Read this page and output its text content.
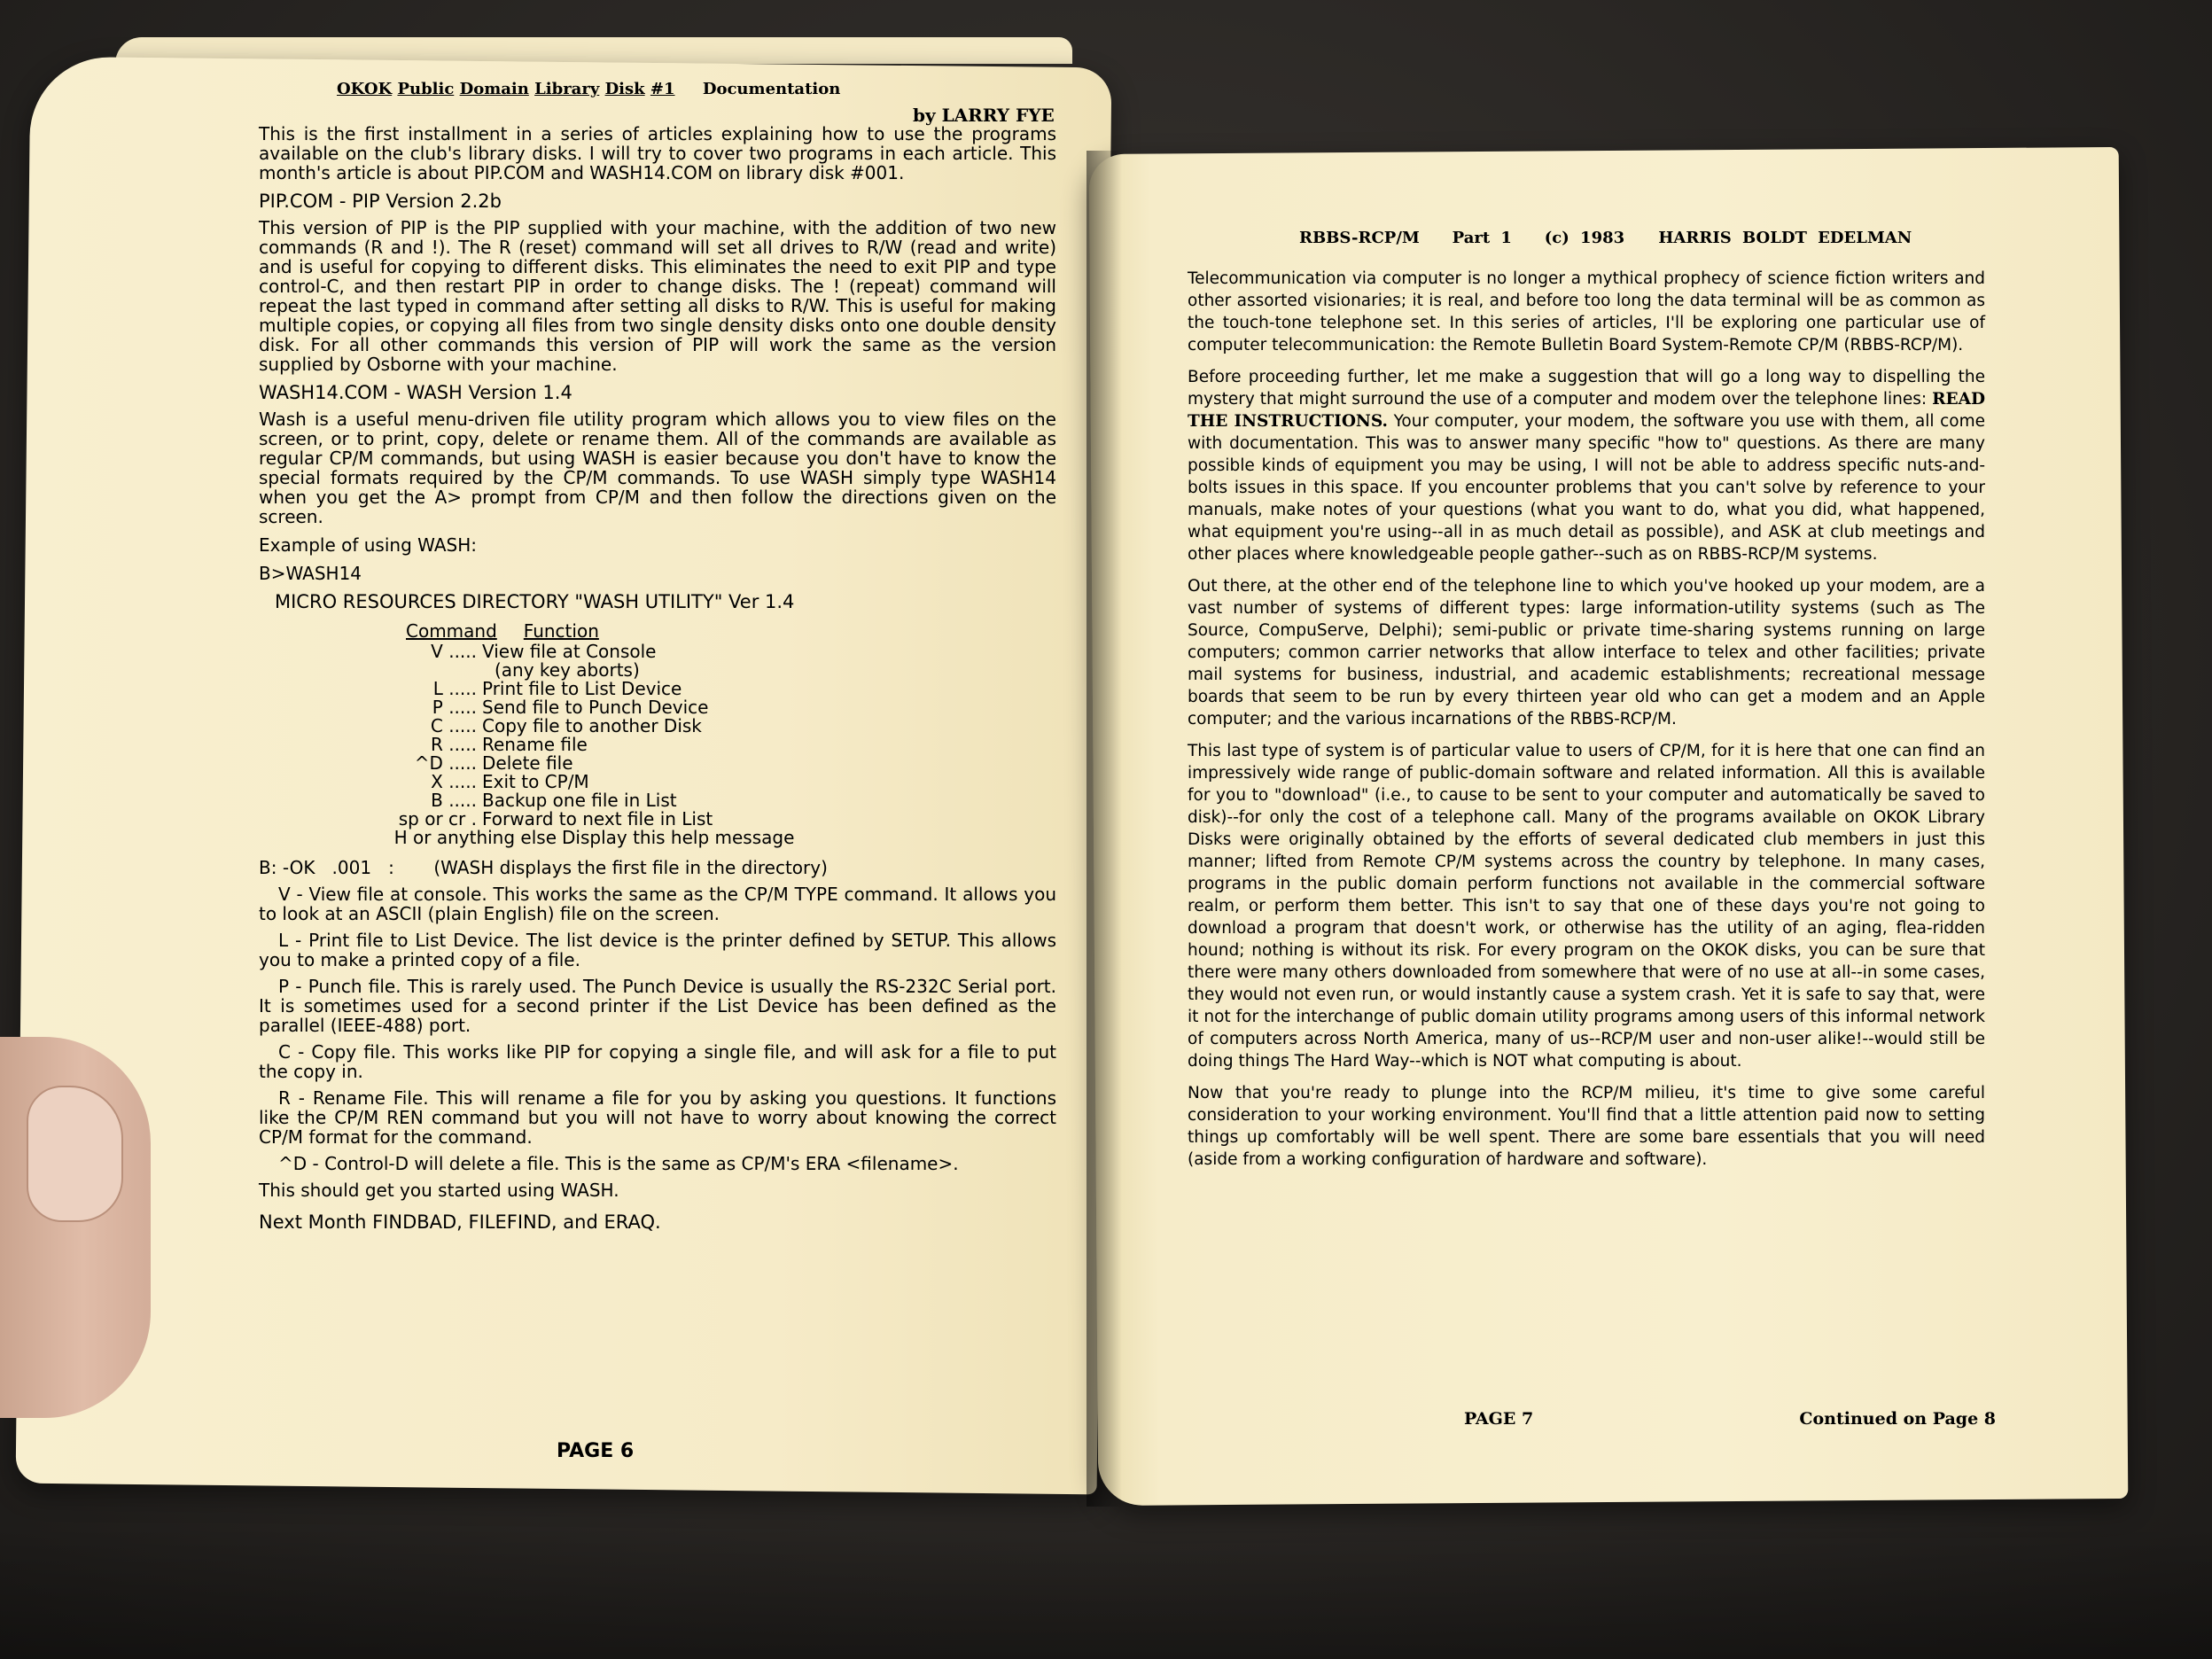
OKOK Public Domain Library Disk #1 Documentation
by LARRY FYE

This is the first installment in a series of articles explaining how to use the programs available on the club's library disks. I will try to cover two programs in each article. This month's article is about PIP.COM and WASH14.COM on library disk #001.

PIP.COM - PIP Version 2.2b

This version of PIP is the PIP supplied with your machine, with the addition of two new commands (R and !). The R (reset) command will set all drives to R/W (read and write) and is useful for copying to different disks. This eliminates the need to exit PIP and type control-C, and then restart PIP in order to change disks. The ! (repeat) command will repeat the last typed in command after setting all disks to R/W. This is useful for making multiple copies, or copying all files from two single density disks onto one double density disk. For all other commands this version of PIP will work the same as the version supplied by Osborne with your machine.

WASH14.COM - WASH Version 1.4

Wash is a useful menu-driven file utility program which allows you to view files on the screen, or to print, copy, delete or rename them. All of the commands are available as regular CP/M commands, but using WASH is easier because you don't have to know the special formats required by the CP/M commands. To use WASH simply type WASH14 when you get the A> prompt from CP/M and then follow the directions given on the screen.

Example of using WASH:
B>WASH14
MICRO RESOURCES DIRECTORY "WASH UTILITY" Ver 1.4
Command Function
V ..... View file at Console
(any key aborts)
L ..... Print file to List Device
P ..... Send file to Punch Device
C ..... Copy file to another Disk
R ..... Rename file
^D ..... Delete file
X ..... Exit to CP/M
B ..... Backup one file in List
sp or cr . Forward to next file in List
H or anything else Display this help message
B: -OK   .001   :       (WASH displays the first file in the directory)

V - View file at console. This works the same as the CP/M TYPE command. It allows you to look at an ASCII (plain English) file on the screen.

L - Print file to List Device. The list device is the printer defined by SETUP. This allows you to make a printed copy of a file.

P - Punch file. This is rarely used. The Punch Device is usually the RS-232C Serial port. It is sometimes used for a second printer if the List Device has been defined as the parallel (IEEE-488) port.

C - Copy file. This works like PIP for copying a single file, and will ask for a file to put the copy in.

R - Rename File. This will rename a file for you by asking you questions. It functions like the CP/M REN command but you will not have to worry about knowing the correct CP/M format for the command.

^D - Control-D will delete a file. This is the same as CP/M's ERA <filename>.

This should get you started using WASH.
Next Month FINDBAD, FILEFIND, and ERAQ.
PAGE 6
RBBS-RCP/M Part 1 (c) 1983 HARRIS BOLDT EDELMAN

Telecommunication via computer is no longer a mythical prophecy of science fiction writers and other assorted visionaries; it is real, and before too long the data terminal will be as common as the touch-tone telephone set. In this series of articles, I'll be exploring one particular use of computer telecommunication: the Remote Bulletin Board System-Remote CP/M (RBBS-RCP/M).

Before proceeding further, let me make a suggestion that will go a long way to dispelling the mystery that might surround the use of a computer and modem over the telephone lines: READ THE INSTRUCTIONS. Your computer, your modem, the software you use with them, all come with documentation. This was to answer many specific "how to" questions. As there are many possible kinds of equipment you may be using, I will not be able to address specific nuts-and-bolts issues in this space. If you encounter problems that you can't solve by reference to your manuals, make notes of your questions (what you want to do, what you did, what happened, what equipment you're using--all in as much detail as possible), and ASK at club meetings and other places where knowledgeable people gather--such as on RBBS-RCP/M systems.

Out there, at the other end of the telephone line to which you've hooked up your modem, are a vast number of systems of different types: large information-utility systems (such as The Source, CompuServe, Delphi); semi-public or private time-sharing systems running on large computers; common carrier networks that allow interface to telex and other facilities; private mail systems for business, industrial, and academic establishments; recreational message boards that seem to be run by every thirteen year old who can get a modem and an Apple computer; and the various incarnations of the RBBS-RCP/M.

This last type of system is of particular value to users of CP/M, for it is here that one can find an impressively wide range of public-domain software and related information. All this is available for you to "download" (i.e., to cause to be sent to your computer and automatically be saved to disk)--for only the cost of a telephone call. Many of the programs available on OKOK Library Disks were originally obtained by the efforts of several dedicated club members in just this manner; lifted from Remote CP/M systems across the country by telephone. In many cases, programs in the public domain perform functions not available in the commercial software realm, or perform them better. This isn't to say that one of these days you're not going to download a program that doesn't work, or otherwise has the utility of an aging, flea-ridden hound; nothing is without its risk. For every program on the OKOK disks, you can be sure that there were many others downloaded from somewhere that were of no use at all--in some cases, they would not even run, or would instantly cause a system crash. Yet it is safe to say that, were it not for the interchange of public domain utility programs among users of this informal network of computers across North America, many of us--RCP/M user and non-user alike!--would still be doing things The Hard Way--which is NOT what computing is about.

Now that you're ready to plunge into the RCP/M milieu, it's time to give some careful consideration to your working environment. You'll find that a little attention paid now to setting things up comfortably will be well spent. There are some bare essentials that you will need (aside from a working configuration of hardware and software).

PAGE 7	Continued on Page 8
